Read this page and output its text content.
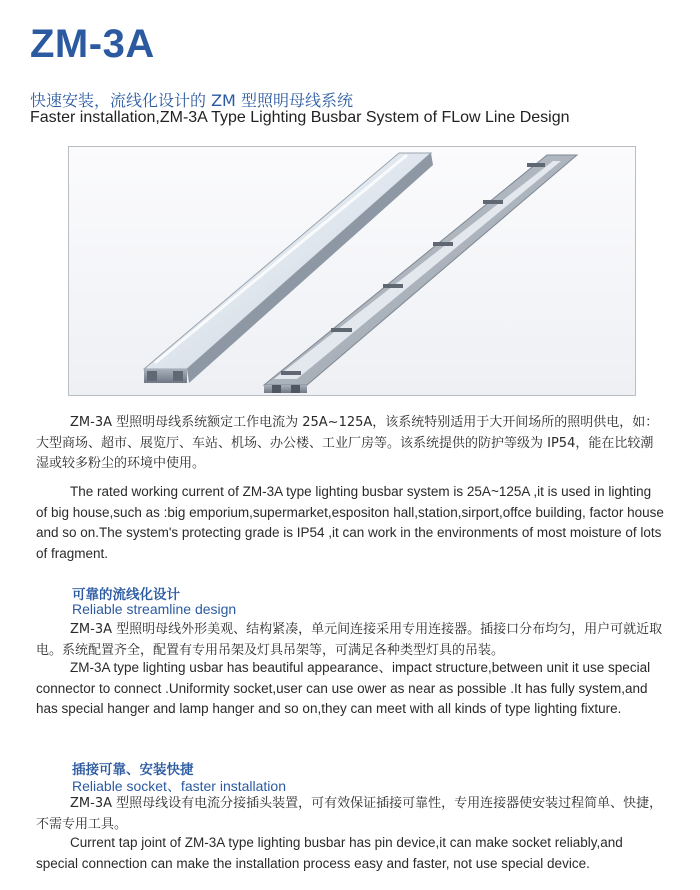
ZM-3A

快速安装，流线化设计的 ZM 型照明母线系统

Faster installation,ZM-3A Type Lighting Busbar System of FLow Line Design

ZM-3A 型照明母线系统额定工作电流为 25A~125A，该系统特别适用于大开间场所的照明供电，如：大型商场、超市、展览厅、车站、机场、办公楼、工业厂房等。该系统提供的防护等级为 IP54，能在比较潮湿或较多粉尘的环境中使用。

The rated working current of ZM-3A type lighting busbar system is 25A~125A ,it is used in lighting of big house,such as :big emporium,supermarket,espositon hall,station,sirport,offce building, factor house and so on.The system's protecting grade is IP54 ,it can work in the environments of most moisture of lots of fragment.

可靠的流线化设计

Reliable streamline design

ZM-3A 型照明母线外形美观、结构紧凑，单元间连接采用专用连接器。插接口分布均匀，用户可就近取电。系统配置齐全，配置有专用吊架及灯具吊架等，可满足各种类型灯具的吊装。

ZM-3A type lighting usbar has beautiful appearance、impact structure,between unit it use special connector to connect .Uniformity socket,user can use ower as near as possible .It has fully system,and has special hanger and lamp hanger and so on,they can meet with all kinds of type lighting fixture.

插接可靠、安装快捷

Reliable socket、faster installation

ZM-3A 型照母线设有电流分接插头装置，可有效保证插接可靠性，专用连接器使安装过程简单、快捷，不需专用工具。

Current tap joint of ZM-3A type lighting busbar has pin device,it can make socket reliably,and special connection can make the installation process easy and faster, not use special device.
